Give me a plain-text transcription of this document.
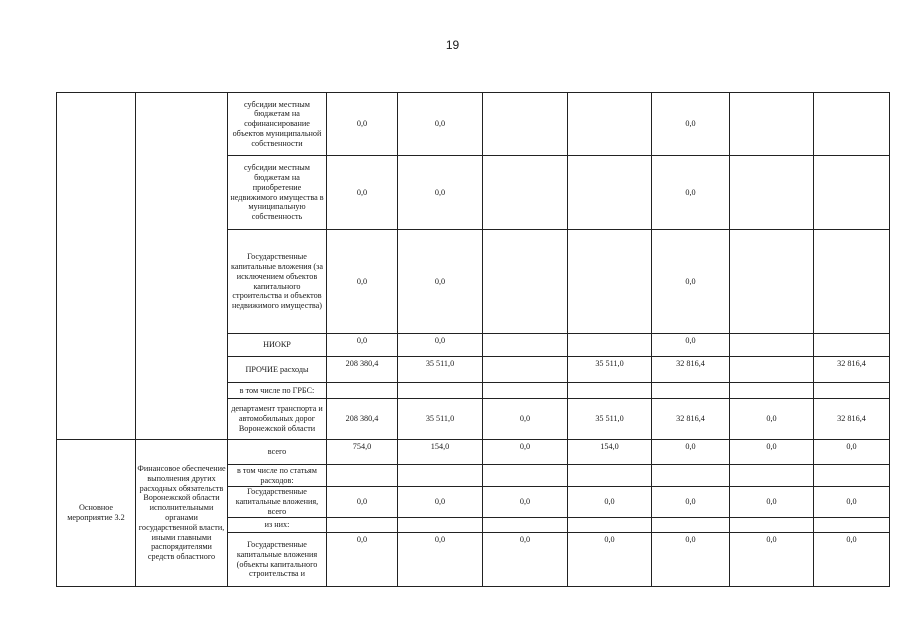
19
		субсидии местным бюджетам на софинансирование объектов муниципальной собственности	0,0	0,0			0,0		
		субсидии местным бюджетам на приобретение недвижимого имущества в муниципальную собственность	0,0	0,0			0,0		
		Государственные капитальные вложения (за исключением объектов капитального строительства и объектов недвижимого имущества)	0,0	0,0			0,0		
		НИОКР	0,0	0,0			0,0		
		ПРОЧИЕ расходы	208 380,4	35 511,0		35 511,0	32 816,4		32 816,4
		в том числе по ГРБС:							
		департамент транспорта и автомобильных дорог Воронежской области	208 380,4	35 511,0	0,0	35 511,0	32 816,4	0,0	32 816,4
Основное мероприятие 3.2	Финансовое обеспечение выполнения других расходных обязательств Воронежской области исполнительными органами государственной власти, иными главными распорядителями средств областного	всего	754,0	154,0	0,0	154,0	0,0	0,0	0,0
		в том числе по статьям расходов:							
		Государственные капитальные вложения, всего	0,0	0,0	0,0	0,0	0,0	0,0	0,0
		из них:							
		Государственные капитальные вложения (объекты капитального строительства и	0,0	0,0	0,0	0,0	0,0	0,0	0,0
